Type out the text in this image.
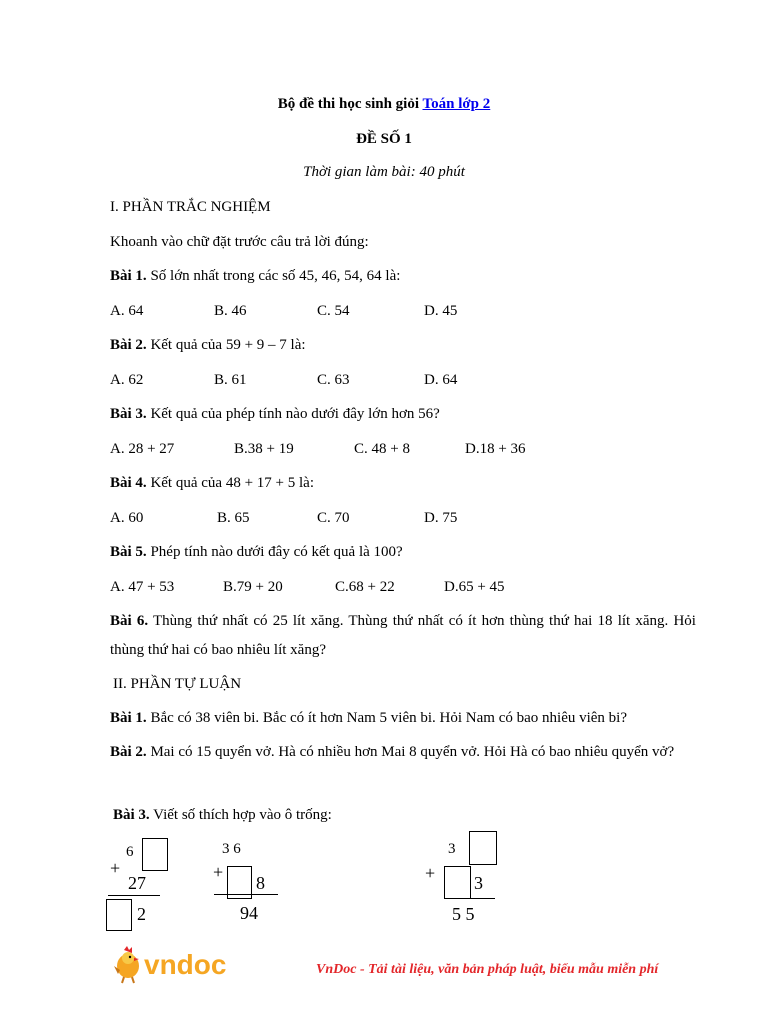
Bộ đề thi học sinh giỏi Toán lớp 2
ĐỀ SỐ 1
Thời gian làm bài: 40 phút
I. PHẦN TRẮC NGHIỆM
Khoanh vào chữ đặt trước câu trả lời đúng:
Bài 1. Số lớn nhất trong các số 45, 46, 54, 64 là:
A. 64	B. 46	C. 54	D. 45
Bài 2. Kết quả của 59 + 9 – 7 là:
A. 62	B. 61	C. 63	D. 64
Bài 3. Kết quả của phép tính nào dưới đây lớn hơn 56?
A. 28 + 27	B.38 + 19	C. 48 + 8	D.18 + 36
Bài 4. Kết quả của 48 + 17 + 5 là:
A. 60	B. 65	C. 70	D. 75
Bài 5. Phép tính nào dưới đây có kết quả là 100?
A. 47 + 53	B.79 + 20	C.68 + 22	D.65 + 45
Bài 6. Thùng thứ nhất có 25 lít xăng. Thùng thứ nhất có ít hơn thùng thứ hai 18 lít xăng. Hỏi thùng thứ hai có bao nhiêu lít xăng?
II. PHẦN TỰ LUẬN
Bài 1. Bắc có 38 viên bi. Bắc có ít hơn Nam 5 viên bi. Hỏi Nam có bao nhiêu viên bi?
Bài 2. Mai có 15 quyển vở. Hà có nhiều hơn Mai 8 quyển vở. Hỏi Hà có bao nhiêu quyển vở?
Bài 3. Viết số thích hợp vào ô trống:
6
+
27
2
3 6
+
8
94
3
+ 3
5 5
vndoc	VnDoc - Tải tài liệu, văn bản pháp luật, biểu mẫu miễn phí
